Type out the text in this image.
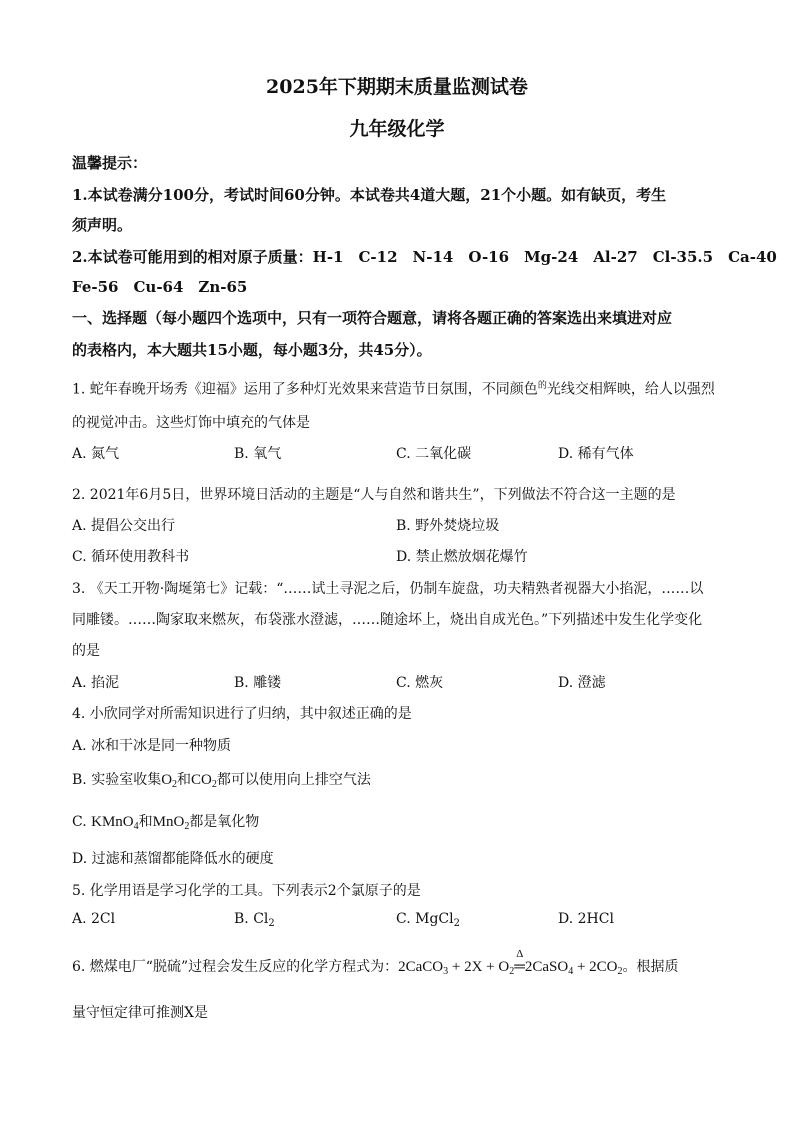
2025年下期期末质量监测试卷
九年级化学
温馨提示：
1.本试卷满分100分，考试时间60分钟。本试卷共4道大题，21个小题。如有缺页，考生
须声明。
2.本试卷可能用到的相对原子质量：H-1　C-12　N-14　O-16　Mg-24　Al-27　Cl-35.5　Ca-40
Fe-56　Cu-64　Zn-65
一、选择题（每小题四个选项中，只有一项符合题意，请将各题正确的答案选出来填进对应
的表格内，本大题共15小题，每小题3分，共45分）。
1. 蛇年春晚开场秀《迎福》运用了多种灯光效果来营造节日氛围，不同颜色$^的$光线交相辉映，给人以强烈
的视觉冲击。这些灯饰中填充的气体是
A. 氮气	B. 氧气	C. 二氧化碳	D. 稀有气体
2. 2021年6月5日，世界环境日活动的主题是“人与自然和谐共生”，下列做法不符合这一主题的是
A. 提倡公交出行	B. 野外焚烧垃圾
C. 循环使用教科书	D. 禁止燃放烟花爆竹
3. 《天工开物·陶埏第七》记载：“……试土寻泥之后，仍制车旋盘，功夫精熟者视器大小掐泥，……以
同雕镂。……陶家取来燃灰，布袋涨水澄滤，……随途坏上，烧出自成光色。”下列描述中发生化学变化
的是
A. 掐泥	B. 雕镂	C. 燃灰	D. 澄滤
4. 小欣同学对所需知识进行了归纳，其中叙述正确的是
A. 冰和干冰是同一种物质
B. 实验室收集$O_2$和$CO_2$都可以使用向上排空气法
C. KMnO$_4$和MnO$_2$都是氧化物
D. 过滤和蒸馏都能降低水的硬度
5. 化学用语是学习化学的工具。下列表示2个氯原子的是
A. 2Cl	B. $Cl_2$	C. MgCl$_2$	D. 2HCl
6. 燃煤电厂“脱硫”过程会发生反应的化学方程式为：2CaCO$_3$ + $2X + O_2$
Δ
═2CaSO$_4$ + $2CO_2$。根据质
量守恒定律可推测X是
